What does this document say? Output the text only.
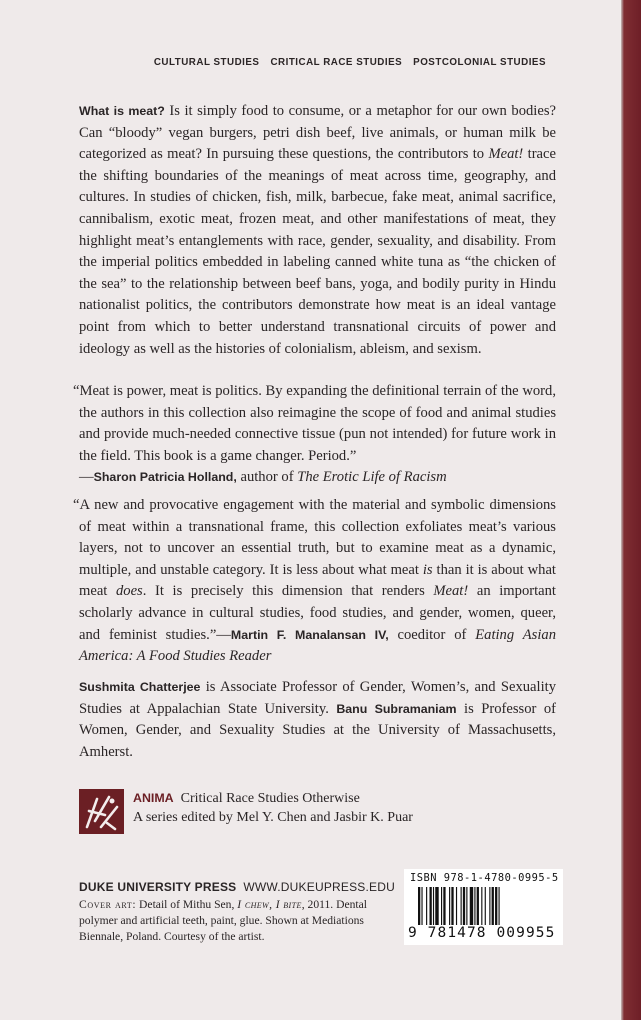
CULTURAL STUDIES CRITICAL RACE STUDIES POSTCOLONIAL STUDIES

What is meat? Is it simply food to consume, or a metaphor for our own bodies? Can “bloody” vegan burgers, petri dish beef, live animals, or human milk be categorized as meat? In pursuing these questions, the contributors to Meat! trace the shifting boundaries of the meanings of meat across time, geography, and cultures. In studies of chicken, fish, milk, barbecue, fake meat, animal sacrifice, cannibalism, exotic meat, frozen meat, and other manifestations of meat, they highlight meat’s entanglements with race, gender, sexuality, and disability. From the imperial politics embedded in labeling canned white tuna as “the chicken of the sea” to the relationship between beef bans, yoga, and bodily purity in Hindu nationalist politics, the contributors demonstrate how meat is an ideal vantage point from which to better understand transnational circuits of power and ideology as well as the histories of colonialism, ableism, and sexism.

“Meat is power, meat is politics. By expanding the definitional terrain of the word, the authors in this collection also reimagine the scope of food and animal studies and provide much-needed connective tissue (pun not intended) for future work in the field. This book is a game changer. Period.”
—Sharon Patricia Holland, author of The Erotic Life of Racism

“A new and provocative engagement with the material and symbolic dimensions of meat within a transnational frame, this collection exfoliates meat’s various layers, not to uncover an essential truth, but to examine meat as a dynamic, multiple, and unstable category. It is less about what meat is than it is about what meat does. It is precisely this dimension that renders Meat! an important scholarly advance in cultural studies, food studies, and gender, women, queer, and feminist studies.”—Martin F. Manalansan IV, coeditor of Eating Asian America: A Food Studies Reader

Sushmita Chatterjee is Associate Professor of Gender, Women’s, and Sexuality Studies at Appalachian State University. Banu Subramaniam is Professor of Women, Gender, and Sexuality Studies at the University of Massachusetts, Amherst.

ANIMA Critical Race Studies Otherwise
A series edited by Mel Y. Chen and Jasbir K. Puar
DUKE UNIVERSITY PRESS WWW.DUKEUPRESS.EDU
Cover art: Detail of Mithu Sen, I chew, I bite, 2011. Dental polymer and artificial teeth, paint, glue. Shown at Mediations Biennale, Poland. Courtesy of the artist.
ISBN 978-1-4780-0995-5
9 781478 009955
